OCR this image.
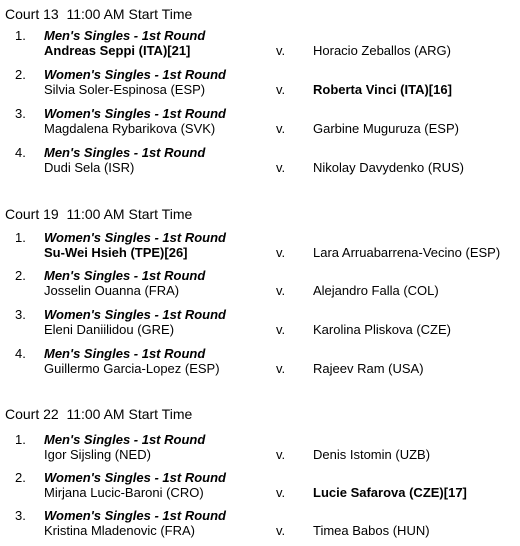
Court 13  11:00 AM Start Time
1. Men's Singles - 1st Round
Andreas Seppi (ITA)[21]	v. Horacio Zeballos (ARG)
2. Women's Singles - 1st Round
Silvia Soler-Espinosa (ESP)	v. Roberta Vinci (ITA)[16]
3. Women's Singles - 1st Round
Magdalena Rybarikova (SVK)	v. Garbine Muguruza (ESP)
4. Men's Singles - 1st Round
Dudi Sela (ISR)	v. Nikolay Davydenko (RUS)
Court 19  11:00 AM Start Time
1. Women's Singles - 1st Round
Su-Wei Hsieh (TPE)[26]	v. Lara Arruabarrena-Vecino (ESP)
2. Men's Singles - 1st Round
Josselin Ouanna (FRA)	v. Alejandro Falla (COL)
3. Women's Singles - 1st Round
Eleni Daniilidou (GRE)	v. Karolina Pliskova (CZE)
4. Men's Singles - 1st Round
Guillermo Garcia-Lopez (ESP)	v. Rajeev Ram (USA)
Court 22  11:00 AM Start Time
1. Men's Singles - 1st Round
Igor Sijsling (NED)	v. Denis Istomin (UZB)
2. Women's Singles - 1st Round
Mirjana Lucic-Baroni (CRO)	v. Lucie Safarova (CZE)[17]
3. Women's Singles - 1st Round
Kristina Mladenovic (FRA)	v. Timea Babos (HUN)
